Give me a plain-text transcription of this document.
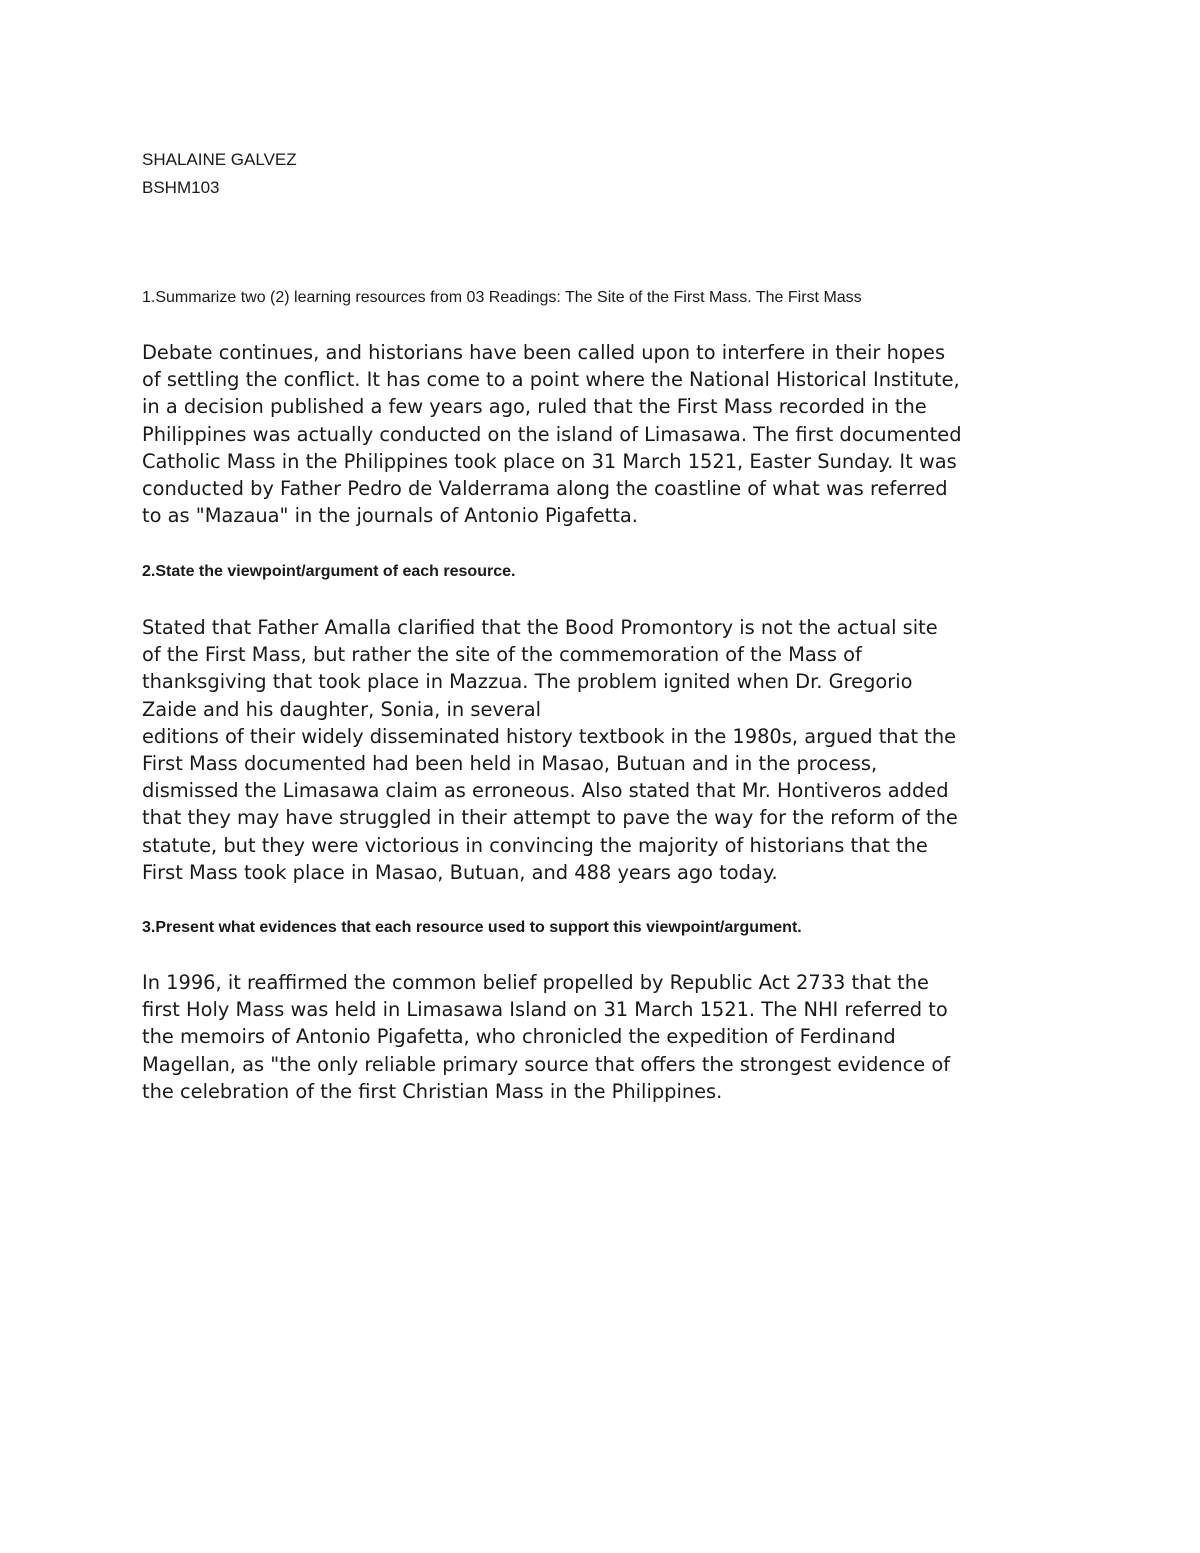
SHALAINE GALVEZ
BSHM103
1.Summarize two (2) learning resources from 03 Readings: The Site of the First Mass. The First Mass
Debate continues, and historians have been called upon to interfere in their hopes
of settling the conflict. It has come to a point where the National Historical Institute,
in a decision published a few years ago, ruled that the First Mass recorded in the
Philippines was actually conducted on the island of Limasawa. The first documented
Catholic Mass in the Philippines took place on 31 March 1521, Easter Sunday. It was
conducted by Father Pedro de Valderrama along the coastline of what was referred
to as "Mazaua" in the journals of Antonio Pigafetta.
2.State the viewpoint/argument of each resource.
Stated that Father Amalla clarified that the Bood Promontory is not the actual site
of the First Mass, but rather the site of the commemoration of the Mass of
thanksgiving that took place in Mazzua. The problem ignited when Dr. Gregorio
Zaide and his daughter, Sonia, in several
editions of their widely disseminated history textbook in the 1980s, argued that the
First Mass documented had been held in Masao, Butuan and in the process,
dismissed the Limasawa claim as erroneous. Also stated that Mr. Hontiveros added
that they may have struggled in their attempt to pave the way for the reform of the
statute, but they were victorious in convincing the majority of historians that the
First Mass took place in Masao, Butuan, and 488 years ago today.
3.Present what evidences that each resource used to support this viewpoint/argument.
In 1996, it reaffirmed the common belief propelled by Republic Act 2733 that the
first Holy Mass was held in Limasawa Island on 31 March 1521. The NHI referred to
the memoirs of Antonio Pigafetta, who chronicled the expedition of Ferdinand
Magellan, as "the only reliable primary source that offers the strongest evidence of
the celebration of the first Christian Mass in the Philippines.
